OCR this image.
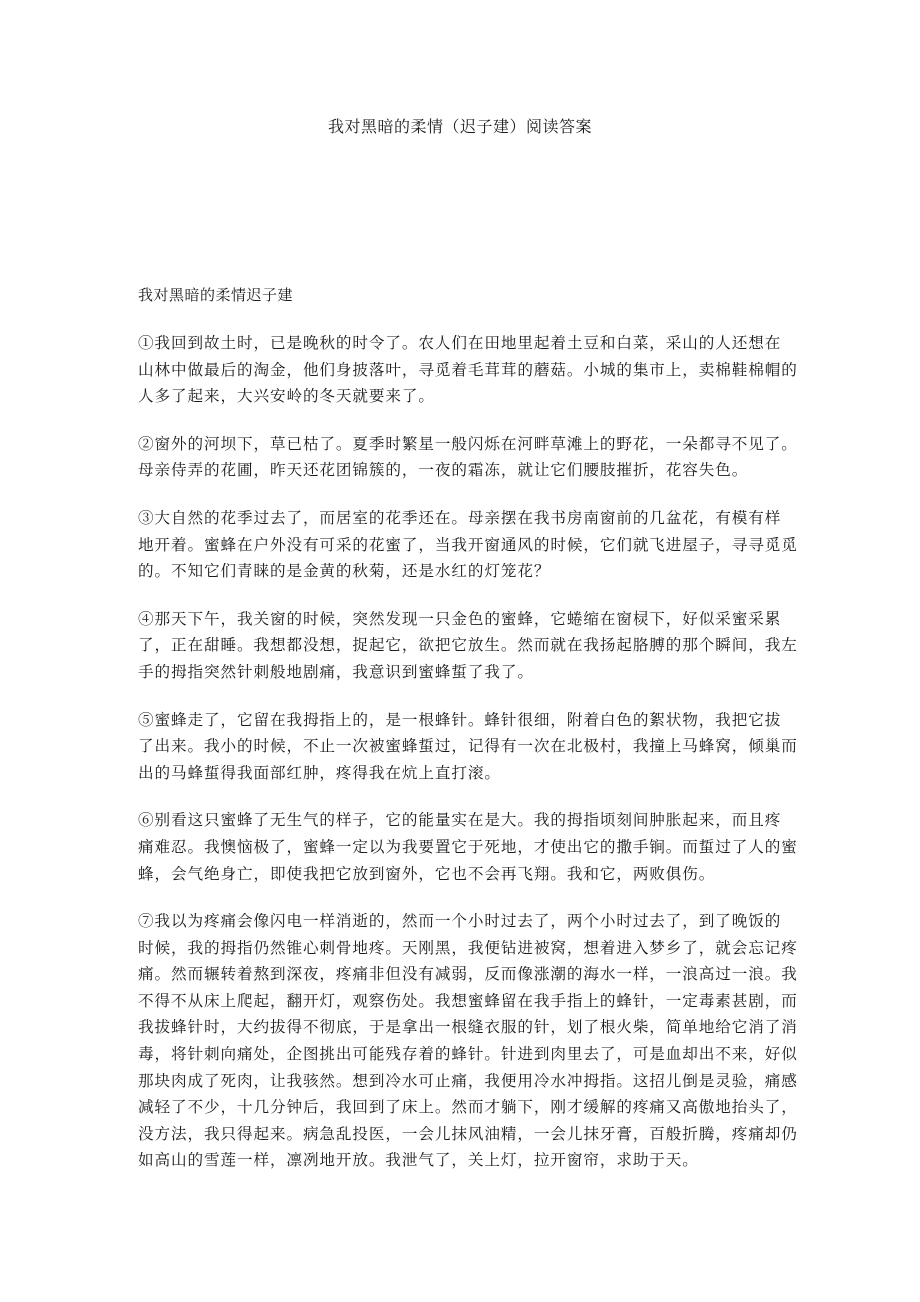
我对黑暗的柔情（迟子建）阅读答案
我对黑暗的柔情迟子建
①我回到故土时，已是晚秋的时令了。农人们在田地里起着土豆和白菜，采山的人还想在
山林中做最后的淘金，他们身披落叶，寻觅着毛茸茸的蘑菇。小城的集市上，卖棉鞋棉帽的
人多了起来，大兴安岭的冬天就要来了。
②窗外的河坝下，草已枯了。夏季时繁星一般闪烁在河畔草滩上的野花，一朵都寻不见了。
母亲侍弄的花圃，昨天还花团锦簇的，一夜的霜冻，就让它们腰肢摧折，花容失色。
③大自然的花季过去了，而居室的花季还在。母亲摆在我书房南窗前的几盆花，有模有样
地开着。蜜蜂在户外没有可采的花蜜了，当我开窗通风的时候，它们就飞进屋子，寻寻觅觅
的。不知它们青睐的是金黄的秋菊，还是水红的灯笼花？
④那天下午，我关窗的时候，突然发现一只金色的蜜蜂，它蜷缩在窗棂下，好似采蜜采累
了，正在甜睡。我想都没想，捉起它，欲把它放生。然而就在我扬起胳膊的那个瞬间，我左
手的拇指突然针刺般地剧痛，我意识到蜜蜂蜇了我了。
⑤蜜蜂走了，它留在我拇指上的，是一根蜂针。蜂针很细，附着白色的絮状物，我把它拔
了出来。我小的时候，不止一次被蜜蜂蜇过，记得有一次在北极村，我撞上马蜂窝，倾巢而
出的马蜂蜇得我面部红肿，疼得我在炕上直打滚。
⑥别看这只蜜蜂了无生气的样子，它的能量实在是大。我的拇指顷刻间肿胀起来，而且疼
痛难忍。我懊恼极了，蜜蜂一定以为我要置它于死地，才使出它的撒手锏。而蜇过了人的蜜
蜂，会气绝身亡，即使我把它放到窗外，它也不会再飞翔。我和它，两败俱伤。
⑦我以为疼痛会像闪电一样消逝的，然而一个小时过去了，两个小时过去了，到了晚饭的
时候，我的拇指仍然锥心刺骨地疼。天刚黑，我便钻进被窝，想着进入梦乡了，就会忘记疼
痛。然而辗转着熬到深夜，疼痛非但没有减弱，反而像涨潮的海水一样，一浪高过一浪。我
不得不从床上爬起，翻开灯，观察伤处。我想蜜蜂留在我手指上的蜂针，一定毒素甚剧，而
我拔蜂针时，大约拔得不彻底，于是拿出一根缝衣服的针，划了根火柴，简单地给它消了消
毒，将针刺向痛处，企图挑出可能残存着的蜂针。针进到肉里去了，可是血却出不来，好似
那块肉成了死肉，让我骇然。想到冷水可止痛，我便用冷水冲拇指。这招儿倒是灵验，痛感
减轻了不少，十几分钟后，我回到了床上。然而才躺下，刚才缓解的疼痛又高傲地抬头了，
没方法，我只得起来。病急乱投医，一会儿抹风油精，一会儿抹牙膏，百般折腾，疼痛却仍
如高山的雪莲一样，凛冽地开放。我泄气了，关上灯，拉开窗帘，求助于天。
